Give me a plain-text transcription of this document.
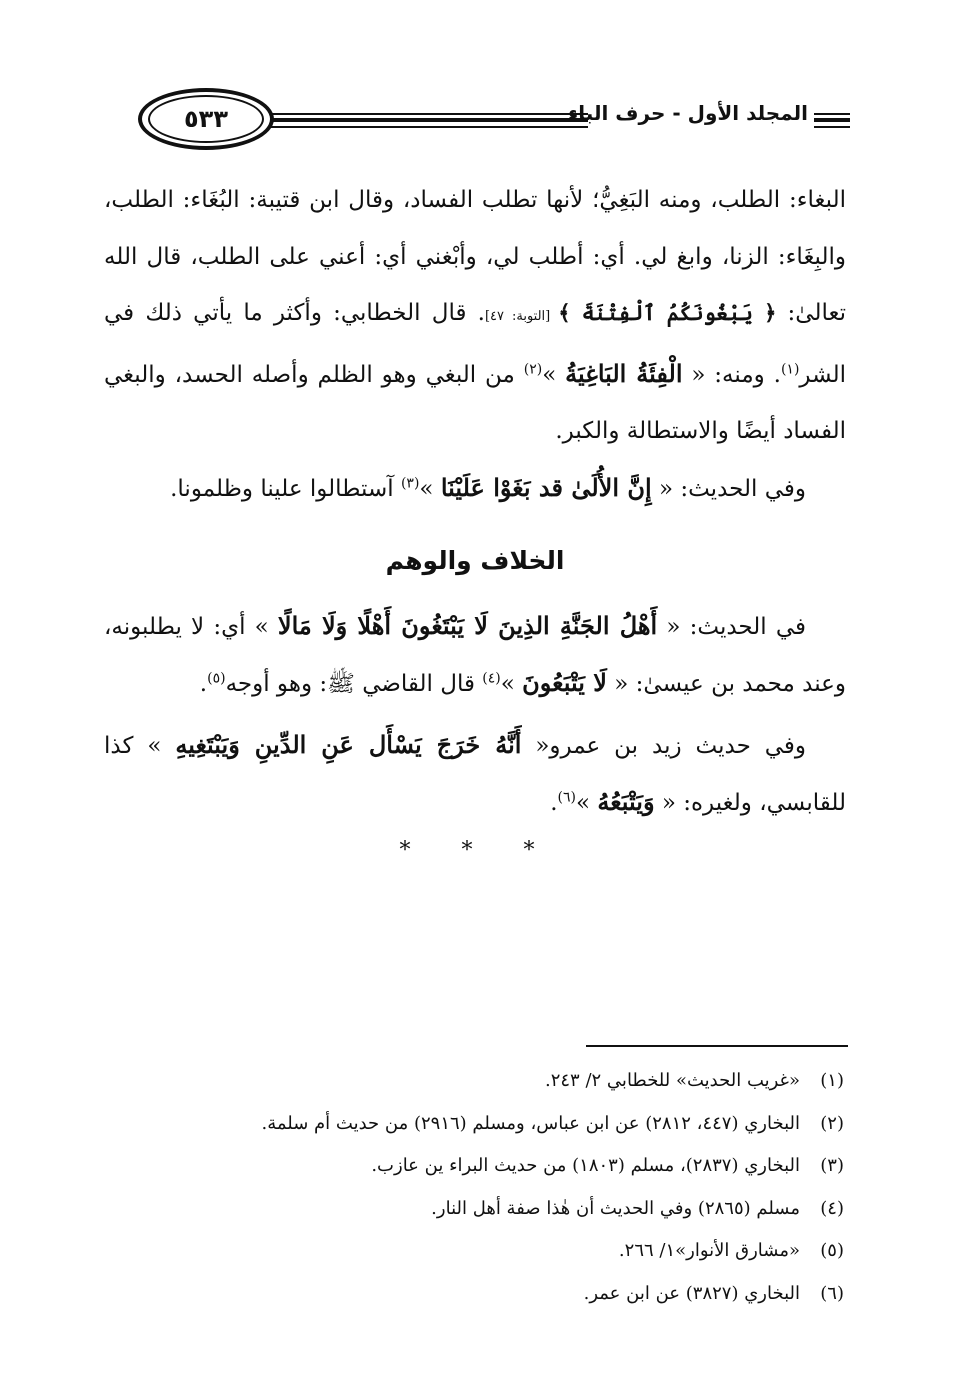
٥٣٣	المجلد الأول - حرف الباء

البغاء: الطلب، ومنه البَغِيُّ؛ لأنها تطلب الفساد، وقال ابن قتيبة: البُغَاء: الطلب، والبِغَاء: الزنا، وابغ لي. أي: أطلب لي، وأبْغني أي: أعني على الطلب، قال الله تعالىٰ: ﴿ يَبْغُونَكُمُ ٱلْفِتْنَةَ ﴾ [التوبة: ٤٧]. قال الخطابي: وأكثر ما يأتي ذلك في الشر$^{(١)}$. ومنه: « الْفِئَةُ البَاغِيَةُ »$^{(٢)}$ من البغي وهو الظلم وأصله الحسد، والبغي الفساد أيضًا والاستطالة والكبر.

وفي الحديث: « إِنَّ الأُلَىٰ قد بَغَوْا عَلَيْنَا »$^{(٣)}$ آستطالوا علينا وظلمونا.

الخلاف والوهم

في الحديث: « أَهْلُ الجَنَّةِ الذِينَ لَا يَبْتَغُونَ أَهْلًا وَلَا مَالًا » أي: لا يطلبونه، وعند محمد بن عيسىٰ: « لَا يَتْبَعُونَ »$^{(٤)}$ قال القاضي ﷺ: وهو أوجه$^{(٥)}$.

وفي حديث زيد بن عمرو« أَنَّهُ خَرَجَ يَسْأَل عَنِ الدِّينِ وَيَبْتَغِيهِ » كذا للقابسي، ولغيره: « وَيَتْبَعُهُ »$^{(٦)}$.

* * *
(١)
«غريب الحديث» للخطابي ٢/ ٢٤٣.
(٢)
البخاري (٤٤٧، ٢٨١٢) عن ابن عباس، ومسلم (٢٩١٦) من حديث أم سلمة.
(٣)
البخاري (٢٨٣٧)، مسلم (١٨٠٣) من حديث البراء ين عازب.
(٤)
مسلم (٢٨٦٥) وفي الحديث أن هٰذا صفة أهل النار.
(٥)
«مشارق الأنوار»١/ ٢٦٦.
(٦)
البخاري (٣٨٢٧) عن ابن عمر.
